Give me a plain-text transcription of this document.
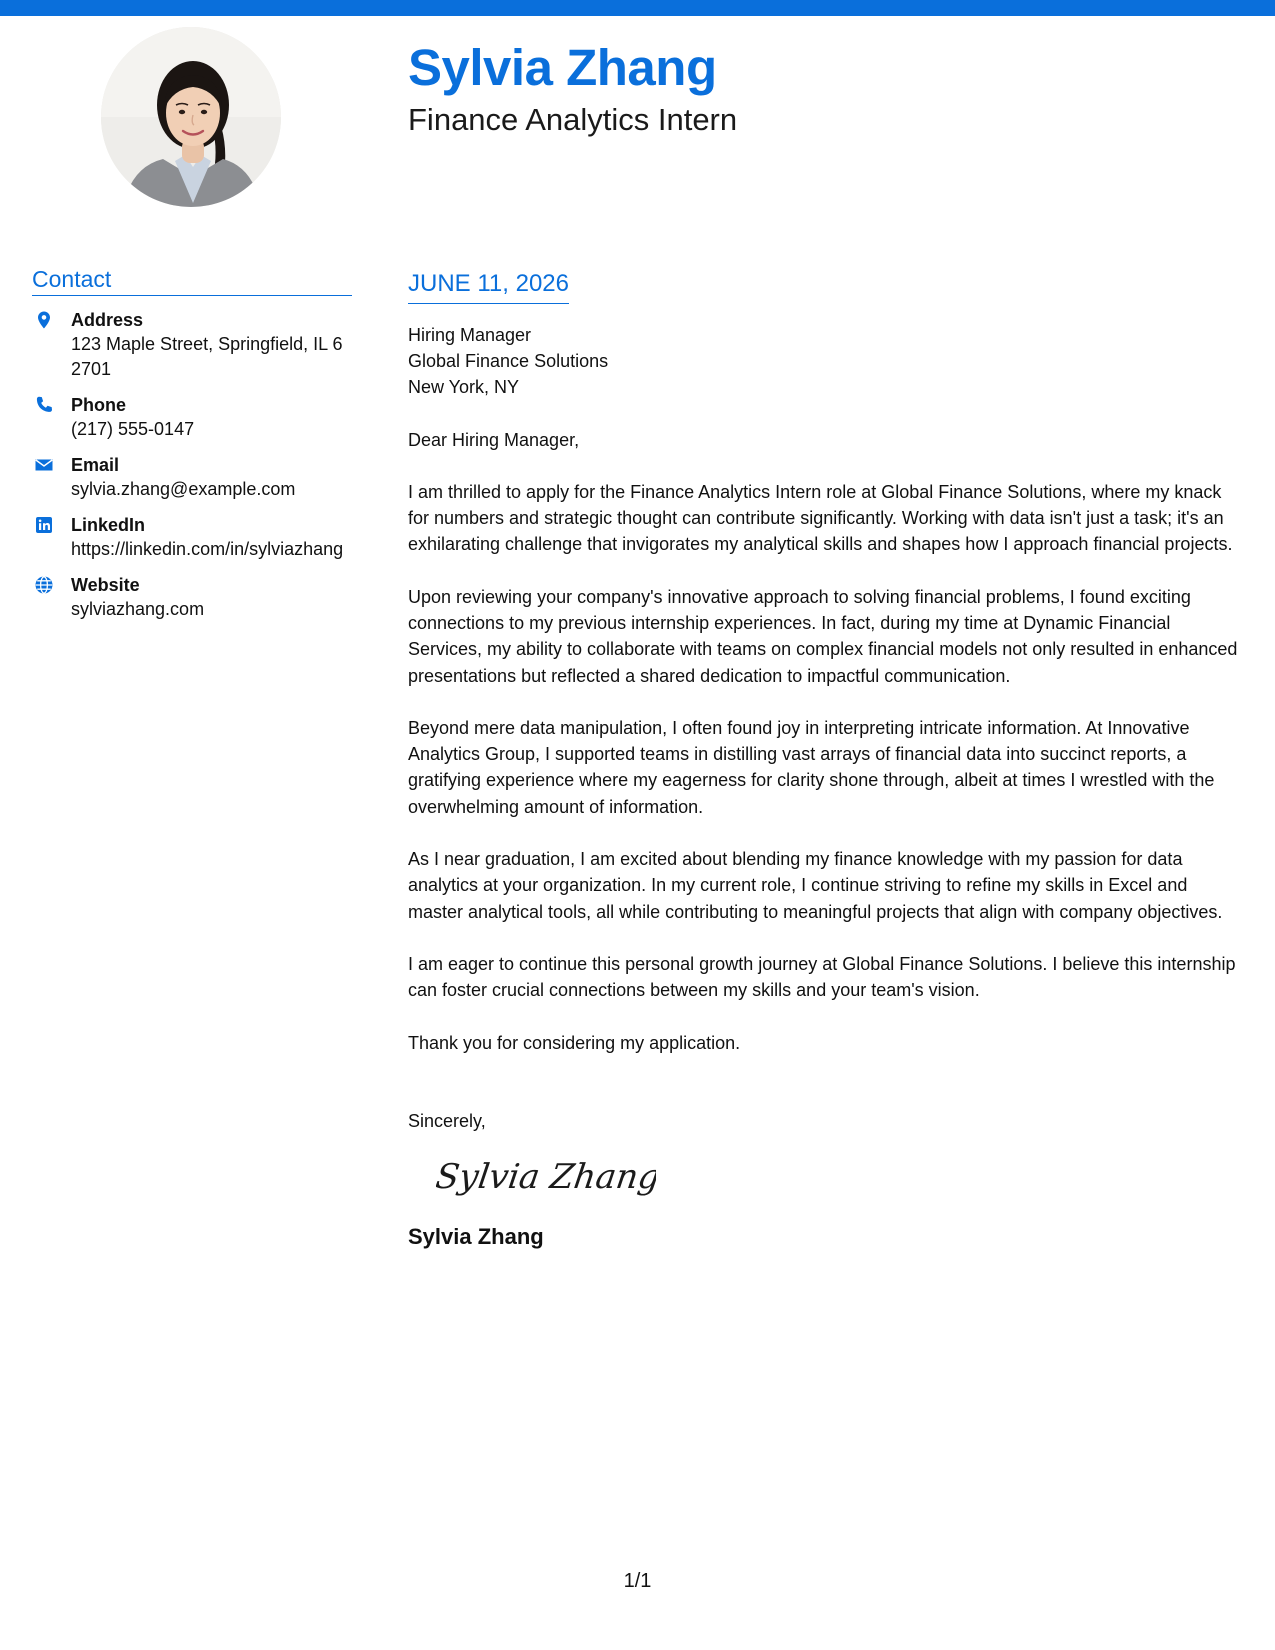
Sylvia Zhang
Finance Analytics Intern
Contact
Address
123 Maple Street, Springfield, IL 62701
Phone
(217) 555-0147
Email
sylvia.zhang@example.com
LinkedIn
https://linkedin.com/in/sylviazhang
Website
sylviazhang.com
JUNE 11, 2026
Hiring Manager
Global Finance Solutions
New York, NY
Dear Hiring Manager,

I am thrilled to apply for the Finance Analytics Intern role at Global Finance Solutions, where my knack for numbers and strategic thought can contribute significantly. Working with data isn't just a task; it's an exhilarating challenge that invigorates my analytical skills and shapes how I approach financial projects.

Upon reviewing your company's innovative approach to solving financial problems, I found exciting connections to my previous internship experiences. In fact, during my time at Dynamic Financial Services, my ability to collaborate with teams on complex financial models not only resulted in enhanced presentations but reflected a shared dedication to impactful communication.

Beyond mere data manipulation, I often found joy in interpreting intricate information. At Innovative Analytics Group, I supported teams in distilling vast arrays of financial data into succinct reports, a gratifying experience where my eagerness for clarity shone through, albeit at times I wrestled with the overwhelming amount of information.

As I near graduation, I am excited about blending my finance knowledge with my passion for data analytics at your organization. In my current role, I continue striving to refine my skills in Excel and master analytical tools, all while contributing to meaningful projects that align with company objectives.

I am eager to continue this personal growth journey at Global Finance Solutions. I believe this internship can foster crucial connections between my skills and your team's vision.

Thank you for considering my application.

Sincerely,
Sylvia Zhang
Sylvia Zhang
1/1
